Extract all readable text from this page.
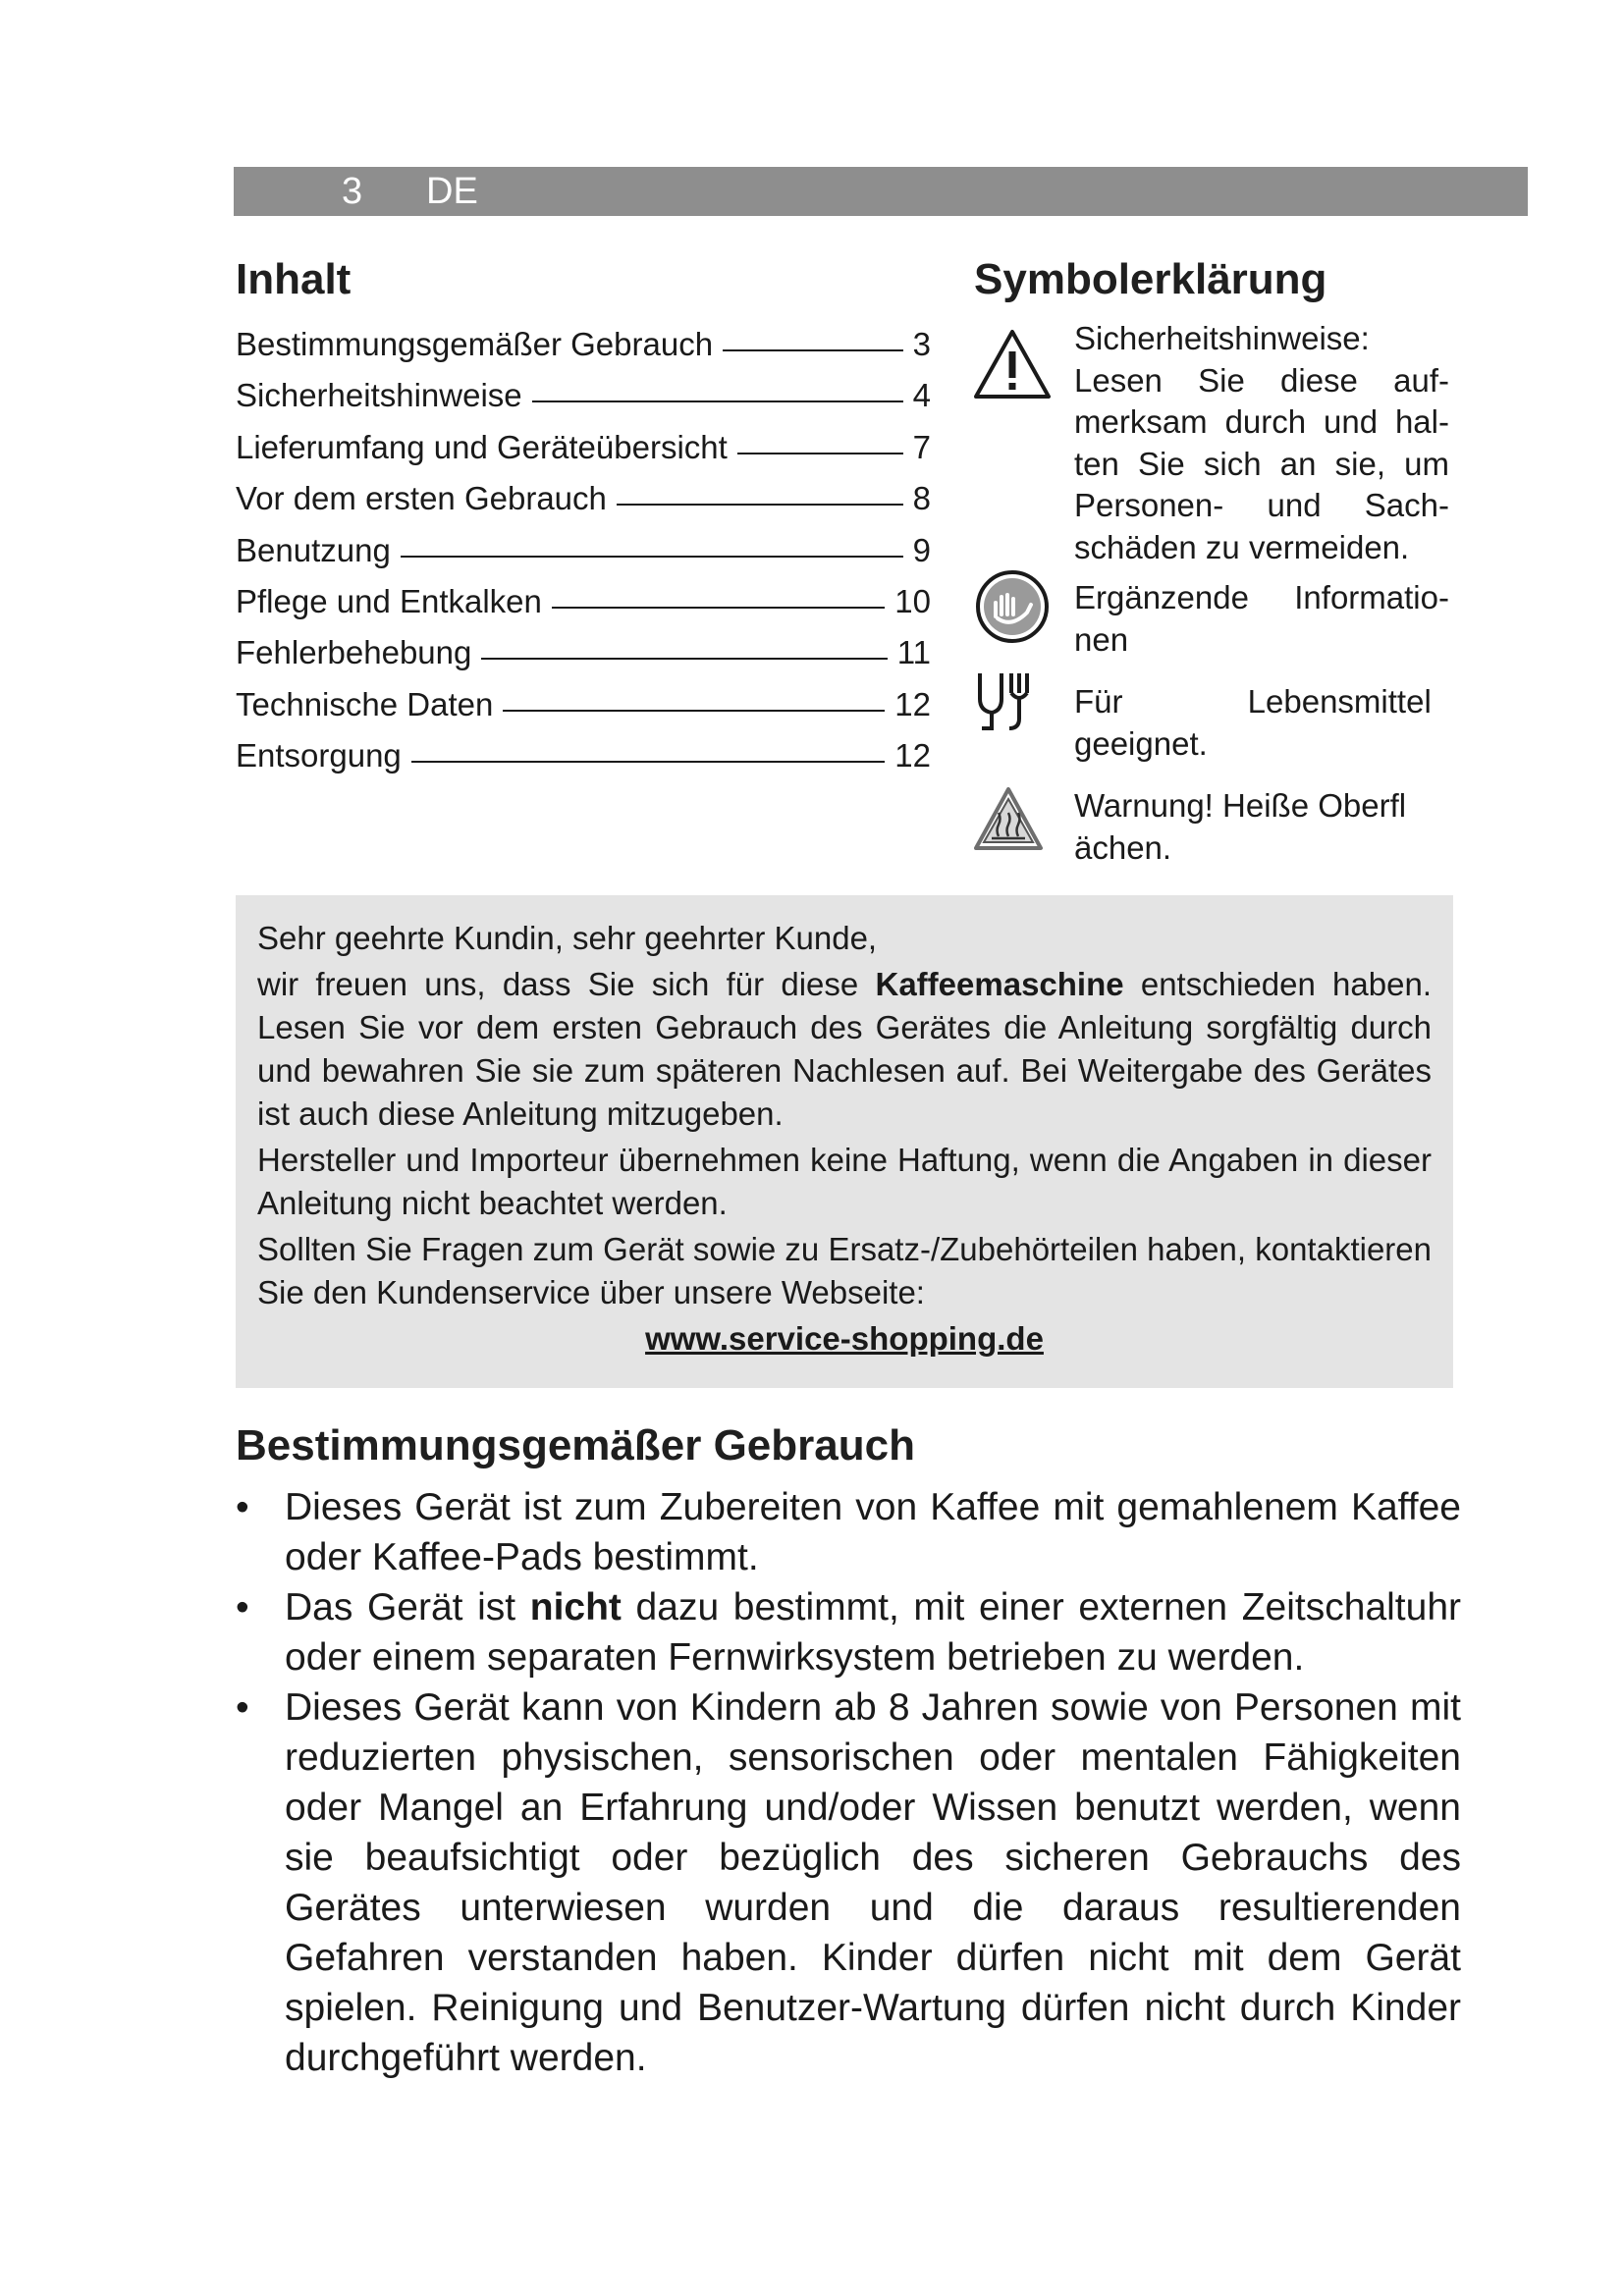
3 DE
Inhalt
Bestimmungsgemäßer Gebrauch	3
Sicherheitshinweise	4
Lieferumfang und Geräteübersicht	7
Vor dem ersten Gebrauch	8
Benutzung	9
Pflege und Entkalken	10
Fehlerbehebung	11
Technische Daten	12
Entsorgung	12
Symbolerklärung
Sicherheitshinweise:
Lesen Sie diese aufmerksam durch und halten Sie sich an sie, um Personen- und Sachschäden zu vermeiden.
Ergänzende Informationen
Für Lebensmittel geeignet.
Warnung! Heiße Oberfl ächen.

Sehr geehrte Kundin, sehr geehrter Kunde,

wir freuen uns, dass Sie sich für diese Kaffeemaschine entschieden haben. Lesen Sie vor dem ersten Gebrauch des Gerätes die Anleitung sorgfältig durch und bewahren Sie sie zum späteren Nachlesen auf. Bei Weitergabe des Gerätes ist auch diese Anleitung mitzugeben.

Hersteller und Importeur übernehmen keine Haftung, wenn die Angaben in dieser Anleitung nicht beachtet werden.

Sollten Sie Fragen zum Gerät sowie zu Ersatz-/Zubehörteilen haben, kontaktieren Sie den Kundenservice über unsere Webseite:

www.service-shopping.de

Bestimmungsgemäßer Gebrauch
• Dieses Gerät ist zum Zubereiten von Kaffee mit gemahlenem Kaffee oder Kaffee-Pads bestimmt.
• Das Gerät ist nicht dazu bestimmt, mit einer externen Zeitschaltuhr oder einem separaten Fernwirksystem betrieben zu werden.
• Dieses Gerät kann von Kindern ab 8 Jahren sowie von Personen mit reduzierten physischen, sensorischen oder mentalen Fähigkeiten oder Mangel an Erfahrung und/oder Wissen benutzt werden, wenn sie beaufsichtigt oder bezüglich des sicheren Gebrauchs des Gerätes unterwiesen wurden und die daraus resultierenden Gefahren verstanden haben. Kinder dürfen nicht mit dem Gerät spielen. Reinigung und Benutzer-Wartung dürfen nicht durch Kinder durchgeführt werden.
